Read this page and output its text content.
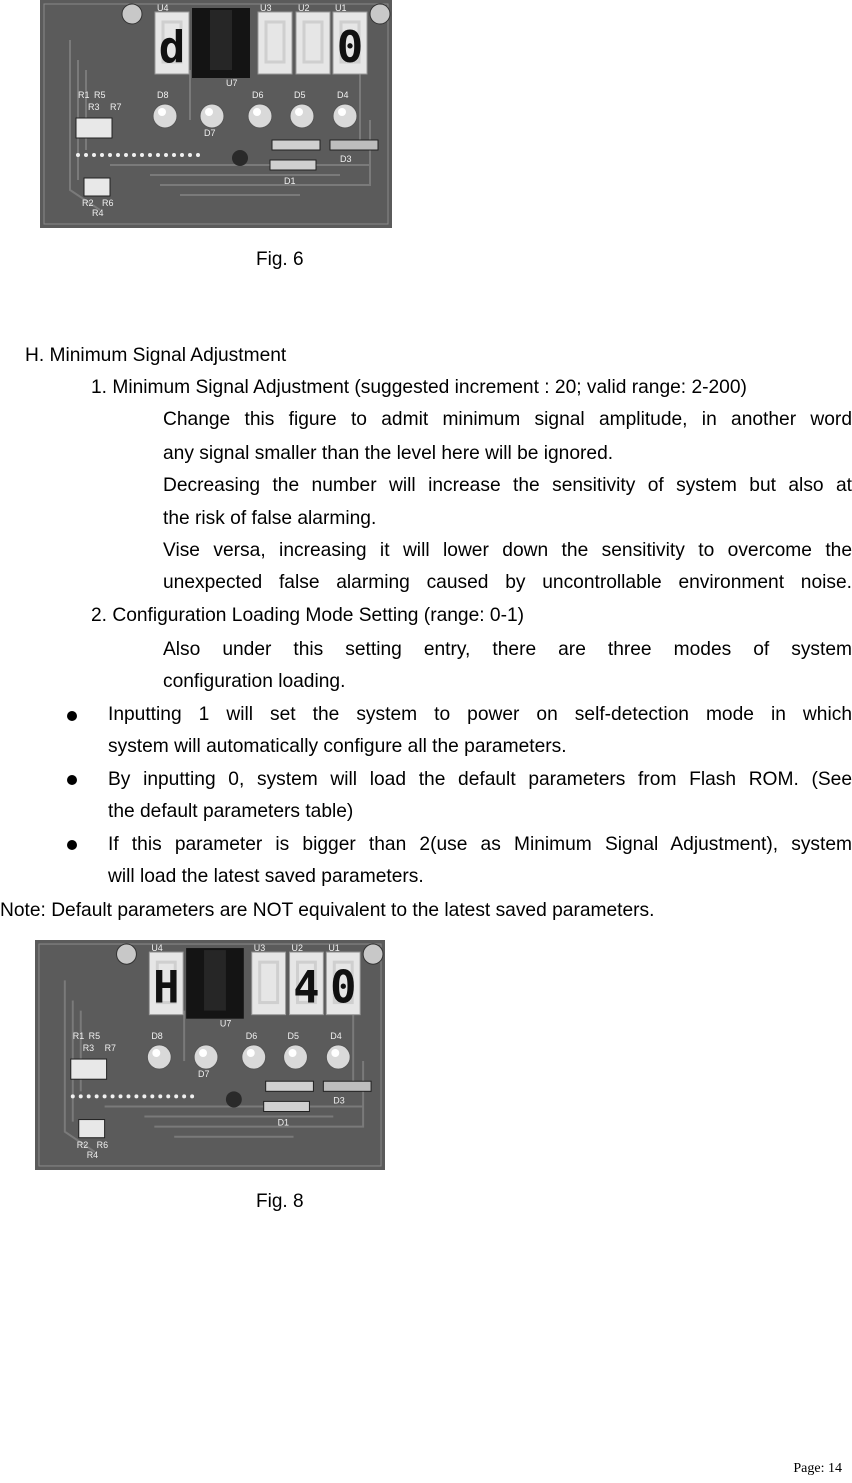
U4
d
U3	U2	U1
0
U7
D8
D7
D6	D5	D4
R1 R5
R3 R7
R2 R6
R4
D3
D1
Fig. 6
H. Minimum Signal Adjustment
1. Minimum Signal Adjustment (suggested increment : 20; valid range: 2-200)
Change this figure to admit minimum signal amplitude, in another word
any signal smaller than the level here will be ignored.
Decreasing the number will increase the sensitivity of system but also at
the risk of false alarming.
Vise versa, increasing it will lower down the sensitivity to overcome the
unexpected false alarming caused by uncontrollable environment noise.
2. Configuration Loading Mode Setting (range: 0-1)
Also under this setting entry, there are three modes of system
configuration loading.
Inputting 1 will set the system to power on self-detection mode in which
system will automatically configure all the parameters.
By inputting 0, system will load the default parameters from Flash ROM. (See
the default parameters table)
If this parameter is bigger than 2(use as Minimum Signal Adjustment), system
will load the latest saved parameters.
Note: Default parameters are NOT equivalent to the latest saved parameters.
U4
H
U3	U2
4
U1
0
U7
D8
D7
D6	D5	D4
R1 R5
R3 R7
R2 R6
R4
D3
D1
Fig. 8
Page: 14
